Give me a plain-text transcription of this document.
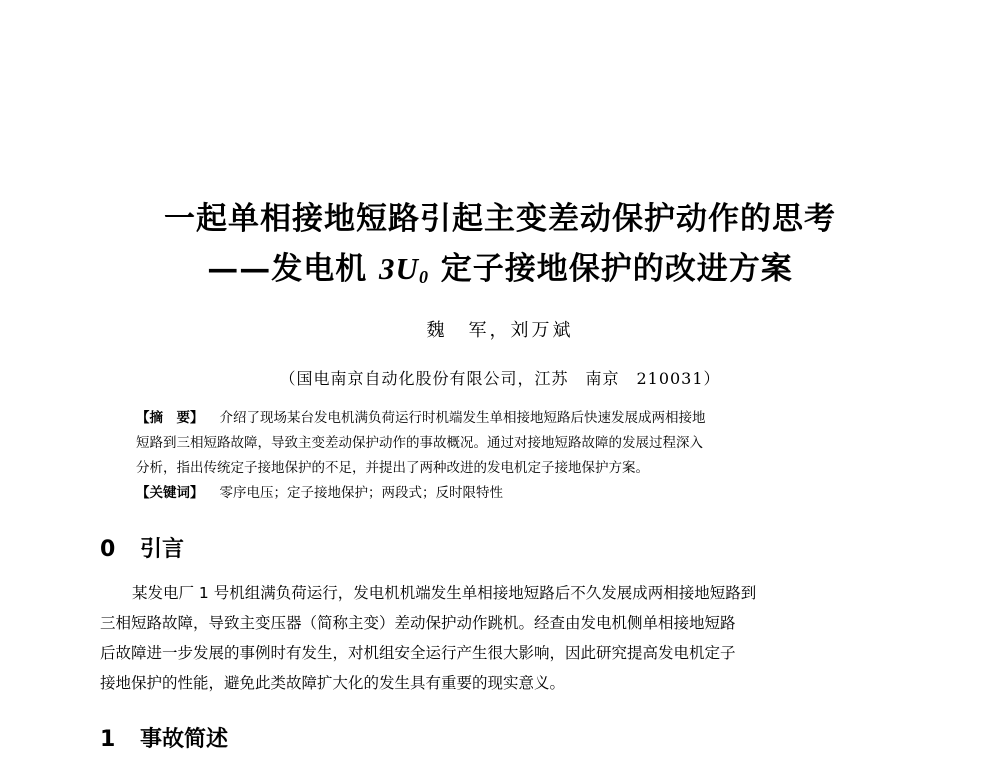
一起单相接地短路引起主变差动保护动作的思考
——发电机 $3U_0$ 定子接地保护的改进方案
魏　军，刘万斌
（国电南京自动化股份有限公司，江苏　南京　210031）
【摘　要】 介绍了现场某台发电机满负荷运行时机端发生单相接地短路后快速发展成两相接地
短路到三相短路故障，导致主变差动保护动作的事故概况。通过对接地短路故障的发展过程深入
分析，指出传统定子接地保护的不足，并提出了两种改进的发电机定子接地保护方案。
【关键词】 零序电压；定子接地保护；两段式；反时限特性
0 引言
某发电厂 1 号机组满负荷运行，发电机机端发生单相接地短路后不久发展成两相接地短路到
三相短路故障，导致主变压器（简称主变）差动保护动作跳机。经查由发电机侧单相接地短路
后故障进一步发展的事例时有发生，对机组安全运行产生很大影响，因此研究提高发电机定子
接地保护的性能，避免此类故障扩大化的发生具有重要的现实意义。
1 事故简述
